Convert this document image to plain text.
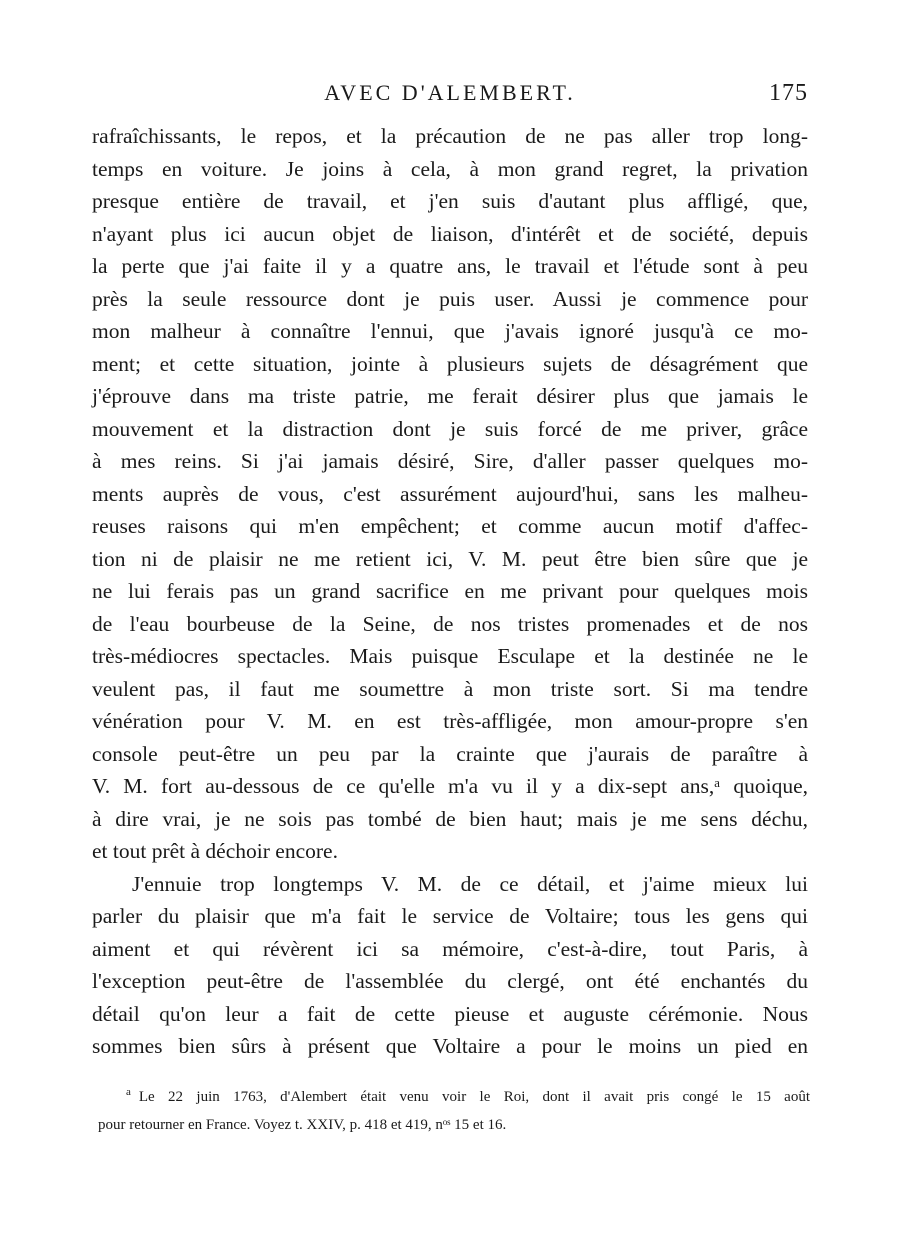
AVEC D'ALEMBERT.	175
rafraîchissants, le repos, et la précaution de ne pas aller trop long-
temps en voiture. Je joins à cela, à mon grand regret, la privation
presque entière de travail, et j'en suis d'autant plus affligé, que,
n'ayant plus ici aucun objet de liaison, d'intérêt et de société, depuis
la perte que j'ai faite il y a quatre ans, le travail et l'étude sont à peu
près la seule ressource dont je puis user. Aussi je commence pour
mon malheur à connaître l'ennui, que j'avais ignoré jusqu'à ce mo-
ment; et cette situation, jointe à plusieurs sujets de désagrément que
j'éprouve dans ma triste patrie, me ferait désirer plus que jamais le
mouvement et la distraction dont je suis forcé de me priver, grâce
à mes reins. Si j'ai jamais désiré, Sire, d'aller passer quelques mo-
ments auprès de vous, c'est assurément aujourd'hui, sans les malheu-
reuses raisons qui m'en empêchent; et comme aucun motif d'affec-
tion ni de plaisir ne me retient ici, V. M. peut être bien sûre que je
ne lui ferais pas un grand sacrifice en me privant pour quelques mois
de l'eau bourbeuse de la Seine, de nos tristes promenades et de nos
très-médiocres spectacles. Mais puisque Esculape et la destinée ne le
veulent pas, il faut me soumettre à mon triste sort. Si ma tendre
vénération pour V. M. en est très-affligée, mon amour-propre s'en
console peut-être un peu par la crainte que j'aurais de paraître à
V. M. fort au-dessous de ce qu'elle m'a vu il y a dix-sept ans,ᵃ quoique,
à dire vrai, je ne sois pas tombé de bien haut; mais je me sens déchu,
et tout prêt à déchoir encore.
J'ennuie trop longtemps V. M. de ce détail, et j'aime mieux lui
parler du plaisir que m'a fait le service de Voltaire; tous les gens qui
aiment et qui révèrent ici sa mémoire, c'est-à-dire, tout Paris, à
l'exception peut-être de l'assemblée du clergé, ont été enchantés du
détail qu'on leur a fait de cette pieuse et auguste cérémonie. Nous
sommes bien sûrs à présent que Voltaire a pour le moins un pied en
$^a$ Le 22 juin 1763, d'Alembert était venu voir le Roi, dont il avait pris congé le 15 août
pour retourner en France. Voyez t. XXIV, p. 418 et 419, nᵒˢ 15 et 16.
